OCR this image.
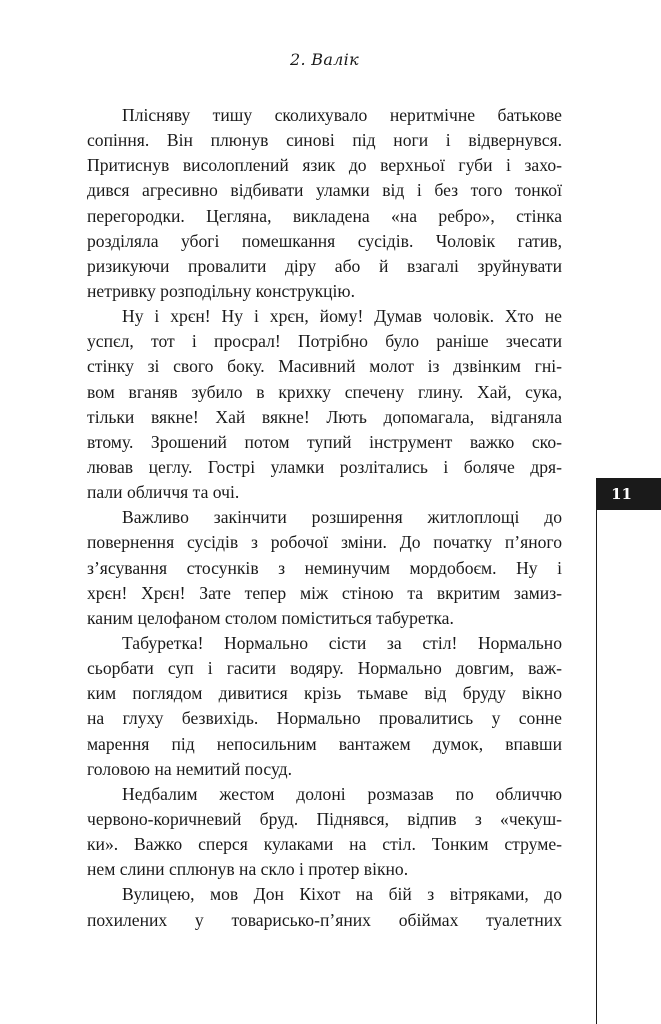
2. Валік
Плісняву тишу сколихувало неритмічне батькове
сопіння. Він плюнув синові під ноги і відвернувся.
Притиснув висолоплений язик до верхньої губи і захо-
дився агресивно відбивати уламки від і без того тонкої
перегородки. Цегляна, викладена «на ребро», стінка
розділяла убогі помешкання сусідів. Чоловік гатив,
ризикуючи провалити діру або й взагалі зруйнувати
нетривку розподільну конструкцію.
Ну і хрєн! Ну і хрєн, йому! Думав чоловік. Хто не
успєл, тот і просрал! Потрібно було раніше зчесати
стінку зі свого боку. Масивний молот із дзвінким гні-
вом вганяв зубило в крихку спечену глину. Хай, сука,
тільки вякне! Хай вякне! Лють допомагала, відганяла
втому. Зрошений потом тупий інструмент важко ско-
лював цеглу. Гострі уламки розлітались і боляче дря-
пали обличчя та очі.
Важливо закінчити розширення житлоплощі до
повернення сусідів з робочої зміни. До початку п’яного
з’ясування стосунків з неминучим мордобоєм. Ну і
хрєн! Хрєн! Зате тепер між стіною та вкритим замиз-
каним целофаном столом поміститься табуретка.
Табуретка! Нормально сісти за стіл! Нормально
сьорбати суп і гасити водяру. Нормально довгим, важ-
ким поглядом дивитися крізь тьмаве від бруду вікно
на глуху безвихідь. Нормально провалитись у сонне
марення під непосильним вантажем думок, впавши
головою на немитий посуд.
Недбалим жестом долоні розмазав по обличчю
червоно-коричневий бруд. Піднявся, відпив з «чекуш-
ки». Важко сперся кулаками на стіл. Тонким струме-
нем слини сплюнув на скло і протер вікно.
Вулицею, мов Дон Кіхот на бій з вітряками, до
похилених у товарисько-п’яних обіймах туалетних
11
